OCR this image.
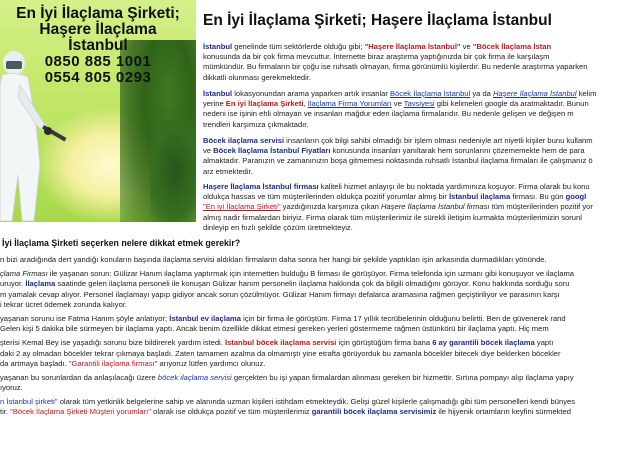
En İyi İlaçlama Şirketi;
Haşere İlaçlama
İstanbul
0850 885 1001
0554 805 0293
En İyi İlaçlama Şirketi; Haşere İlaçlama İstanbul
İstanbul genelinde tüm sektörlerde olduğu gibi; "Haşere İlaçlama İstanbul" ve "Böcek İlaçlama İstan
konusunda da bir çok firma mevcuttur. İnternette biraz araştırma yaptığınızda bir çok firma ile karşılaşm
mümkündür. Bu firmaların bir çoğu ise ruhsatlı olmayan, firma görünümlü kişilerdir. Bu nedenle araştırma yaparken
dikkatli olunması gerekmektedir.
İstanbul lokasyonundan arama yaparken artık insanlar Böcek İlaçlama İstanbul ya da Haşere İlaçlama İstanbul kelim
yerine En iyi İlaçlama Şirketi, İlaçlama Firma Yorumları ve Tavsiyesi gibi kelimeleri google da aratmaktadır. Bunun
nedeni ise işinin ehli olmayan ve insanları mağdur eden ilaçlama firmalarıdır. Bu nedenle gelişen ve değişen m
trendleri karşımıza çıkmaktadır.
Böcek ilaçlama servisi insanların çok bilgi sahibi olmadığı bir işlem olması nedeniyle art niyetli kişiler bunu kullanm
ve Böcek İlaçlama İstanbul Fiyatları konusunda insanları yanıltarak hem sorunlarını çözememekte hem de para
almaktadır. Paranızın ve zamanınızın boşa gitmemesi noktasında ruhsatlı İstanbul ilaçlama firmaları ile çalışmanız ö
arz etmektedir.
Haşere İlaçlama İstanbul firması kaliteli hizmet anlayışı ile bu noktada yardımınıza koşuyor. Firma olarak bu konu
oldukça hassas ve tüm müşterilerinden oldukça pozitif yorumlar almış bir İstanbul ilaçlama firması. Bu gün googl
"En iyi İlaçlama Şirketi" yazdığınızda karşınıza çıkan Haşere İlaçlama İstanbul firması tüm müşterilerinden pozitif yor
almış nadir firmalardan biriyiz. Firma olarak tüm müşterilerimiz ile sürekli iletişim kurmakta müşterilerimizin sorunl
dinleyip en hızlı şekilde çözüm üretmekteyiz.
İyi İlaçlama Şirketi seçerken nelere dikkat etmek gerekir?
n bizi aradığında dert yandığı konuların başında ilaçlama servisi aldıkları firmaların daha sonra her hangi bir şekilde yaptıkları işin arkasında durmadıkları yönünde.
çlama Firması ile yaşanan sorun: Gülizar Hanım ilaçlama yaptırmak için internetten bulduğu B firması ile görüşüyor. Firma telefonda için uzmanı gibi konuşuyor ve ilaçlama
uruyor. İlaçlama saatinde gelen ilaçlama personeli ile konuşan Gülizar hanım personelin ilaçlama hakkında çok da bilgili olmadığını görüyor. Konu hakkında sorduğu soru
m yamalak cevap alıyor. Personel ilaçlamayı yapıp gidiyor ancak sorun çözülmüyor. Gülizar Hanım firmayı defalarca aramasına rağmen geçiştiriliyor ve parasının karşı
i tekrar ücret ödemek zorunda kalıyor.
yaşanan sorunu ise Fatma Hanım şöyle anlatıyor; İstanbul ev ilaçlama için bir firma ile görüştüm. Firma 17 yıllık tecrübelerinin olduğunu belirtti. Ben de güvenerek rand
Gelen kişi 5 dakika bile sürmeyen bir ilaçlama yaptı. Ancak benim özellikle dikkat etmesi gereken yerleri göstermeme rağmen üstünkörü bir ilaçlama yaptı. Hiç mem
şterisi Kemal Bey ise yaşadığı sorunu bize bildirerek yardım istedi. İstanbul böcek ilaçlama servisi için görüştüğüm firma bana 6 ay garantili böcek ilaçlama yaptı
daki 2 ay olmadan böcekler tekrar çıkmaya başladı. Zaten tamamen azalma da olmamıştı yine etrafta görüyorduk bu zamanla böcekler bitecek diye beklerken böcekler
da artmaya başladı. "Garantili ilaçlama firması" arıyoruz lütfen yardımcı olunuz.
yaşanan bu sorunlardan da anlaşılacağı üzere böcek ilaçlama servisi gerçekten bu işi yapan firmalardan alınması gereken bir hizmettir. Sırtına pompayı alıp ilaçlama yapıy
ıyoruz.
n İstanbul şirketi" olarak tüm yetkinlik belgelerine sahip ve alanında uzman kişileri istihdam etmekteydik. Gelişi güzel kişilerle çalışmadığı gibi tüm personelleri kendi bünyes
tir. "Böcek İlaçlama Şirketi Müşteri yorumları" olarak ise oldukça pozitif ve tüm müşterilerimiz garantili böcek ilaçlama servisimiz ile hijyenik ortamların keyfini sürmekted
